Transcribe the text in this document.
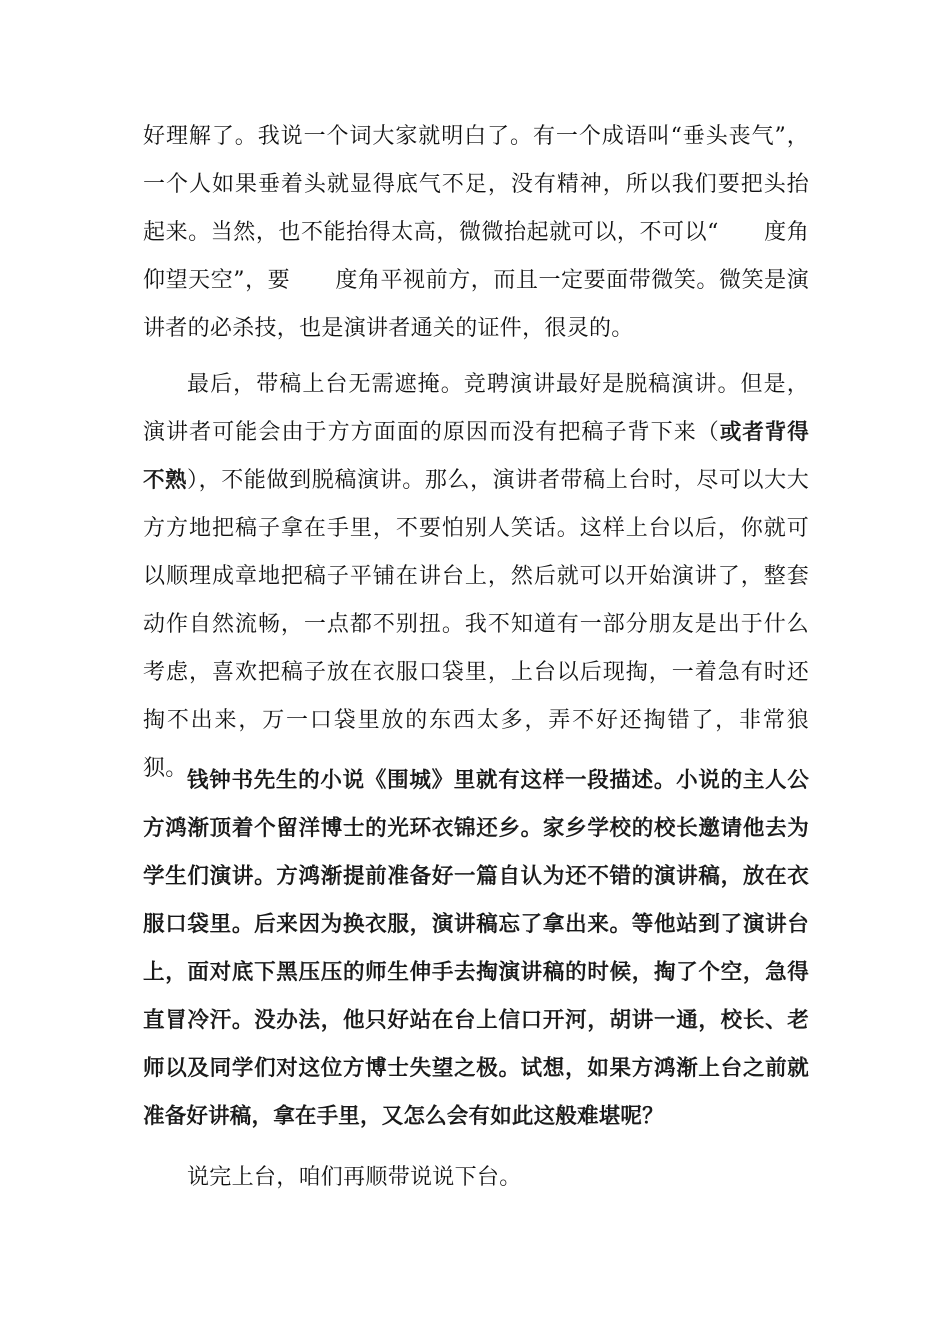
好理解了。我说一个词大家就明白了。有一个成语叫“垂头丧气”，一个人如果垂着头就显得底气不足，没有精神，所以我们要把头抬起来。当然，也不能抬得太高，微微抬起就可以，不可以“　　度角仰望天空”，要　　度角平视前方，而且一定要面带微笑。微笑是演讲者的必杀技，也是演讲者通关的证件，很灵的。

最后，带稿上台无需遮掩。竞聘演讲最好是脱稿演讲。但是，演讲者可能会由于方方面面的原因而没有把稿子背下来（或者背得不熟），不能做到脱稿演讲。那么，演讲者带稿上台时，尽可以大大方方地把稿子拿在手里，不要怕别人笑话。这样上台以后，你就可以顺理成章地把稿子平铺在讲台上，然后就可以开始演讲了，整套动作自然流畅，一点都不别扭。我不知道有一部分朋友是出于什么考虑，喜欢把稿子放在衣服口袋里，上台以后现掏，一着急有时还掏不出来，万一口袋里放的东西太多，弄不好还掏错了，非常狼狈。 钱钟书先生的小说《围城》里就有这样一段描述。小说的主人公方鸿渐顶着个留洋博士的光环衣锦还乡。家乡学校的校长邀请他去为学生们演讲。方鸿渐提前准备好一篇自认为还不错的演讲稿，放在衣服口袋里。后来因为换衣服，演讲稿忘了拿出来。等他站到了演讲台上，面对底下黑压压的师生伸手去掏演讲稿的时候，掏了个空，急得直冒冷汗。没办法，他只好站在台上信口开河，胡讲一通，校长、老师以及同学们对这位方博士失望之极。试想，如果方鸿渐上台之前就准备好讲稿，拿在手里，又怎么会有如此这般难堪呢？

说完上台，咱们再顺带说说下台。
